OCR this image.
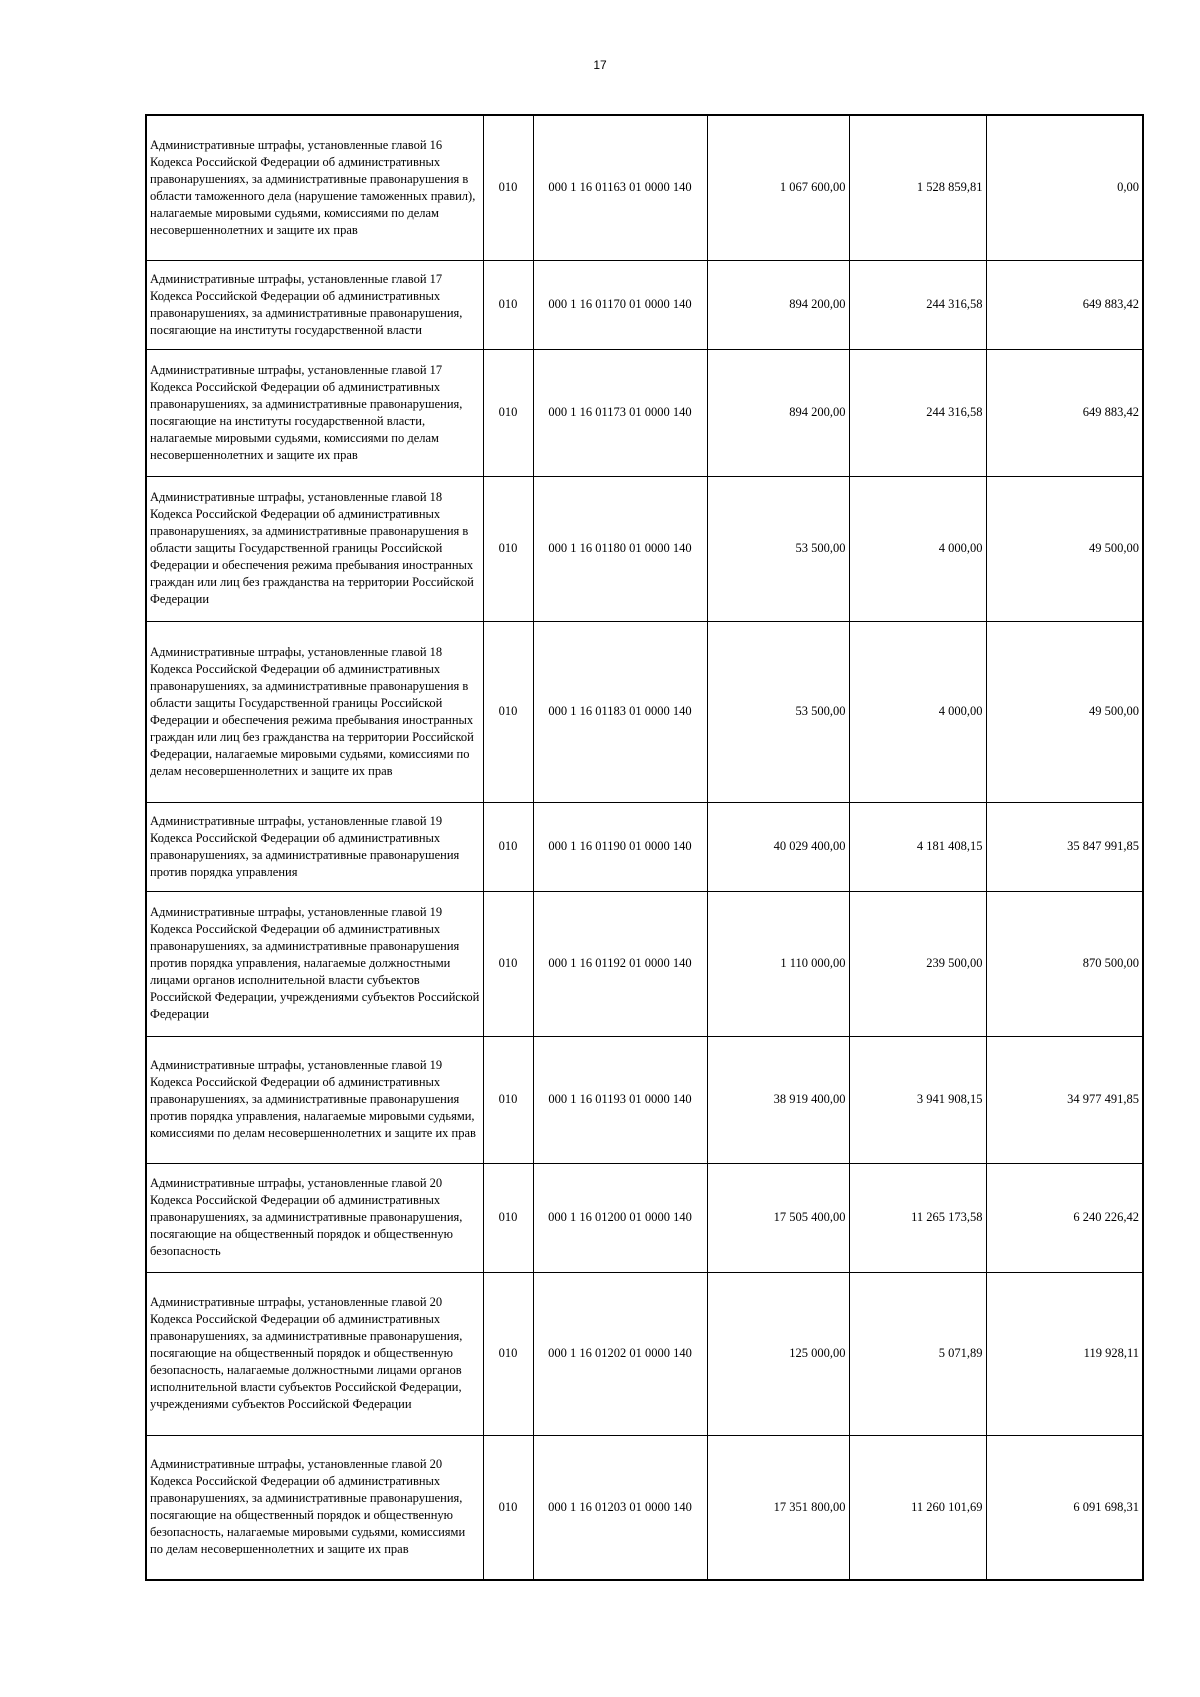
17
Административные штрафы, установленные главой 16 Кодекса Российской Федерации об административных правонарушениях, за административные правонарушения в области таможенного дела (нарушение таможенных правил), налагаемые мировыми судьями, комиссиями по делам несовершеннолетних и защите их прав	010	000 1 16 01163 01 0000 140	1 067 600,00	1 528 859,81	0,00
Административные штрафы, установленные главой 17 Кодекса Российской Федерации об административных правонарушениях, за административные правонарушения, посягающие на институты государственной власти	010	000 1 16 01170 01 0000 140	894 200,00	244 316,58	649 883,42
Административные штрафы, установленные главой 17 Кодекса Российской Федерации об административных правонарушениях, за административные правонарушения, посягающие на институты государственной власти, налагаемые мировыми судьями, комиссиями по делам несовершеннолетних и защите их прав	010	000 1 16 01173 01 0000 140	894 200,00	244 316,58	649 883,42
Административные штрафы, установленные главой 18 Кодекса Российской Федерации об административных правонарушениях, за административные правонарушения в области защиты Государственной границы Российской Федерации и обеспечения режима пребывания иностранных граждан или лиц без гражданства на территории Российской Федерации	010	000 1 16 01180 01 0000 140	53 500,00	4 000,00	49 500,00
Административные штрафы, установленные главой 18 Кодекса Российской Федерации об административных правонарушениях, за административные правонарушения в области защиты Государственной границы Российской Федерации и обеспечения режима пребывания иностранных граждан или лиц без гражданства на территории Российской Федерации, налагаемые мировыми судьями, комиссиями по делам несовершеннолетних и защите их прав	010	000 1 16 01183 01 0000 140	53 500,00	4 000,00	49 500,00
Административные штрафы, установленные главой 19 Кодекса Российской Федерации об административных правонарушениях, за административные правонарушения против порядка управления	010	000 1 16 01190 01 0000 140	40 029 400,00	4 181 408,15	35 847 991,85
Административные штрафы, установленные главой 19 Кодекса Российской Федерации об административных правонарушениях, за административные правонарушения против порядка управления, налагаемые должностными лицами органов исполнительной власти субъектов Российской Федерации, учреждениями субъектов Российской Федерации	010	000 1 16 01192 01 0000 140	1 110 000,00	239 500,00	870 500,00
Административные штрафы, установленные главой 19 Кодекса Российской Федерации об административных правонарушениях, за административные правонарушения против порядка управления, налагаемые мировыми судьями, комиссиями по делам несовершеннолетних и защите их прав	010	000 1 16 01193 01 0000 140	38 919 400,00	3 941 908,15	34 977 491,85
Административные штрафы, установленные главой 20 Кодекса Российской Федерации об административных правонарушениях, за административные правонарушения, посягающие на общественный порядок и общественную безопасность	010	000 1 16 01200 01 0000 140	17 505 400,00	11 265 173,58	6 240 226,42
Административные штрафы, установленные главой 20 Кодекса Российской Федерации об административных правонарушениях, за административные правонарушения, посягающие на общественный порядок и общественную безопасность, налагаемые должностными лицами органов исполнительной власти субъектов Российской Федерации, учреждениями субъектов Российской Федерации	010	000 1 16 01202 01 0000 140	125 000,00	5 071,89	119 928,11
Административные штрафы, установленные главой 20 Кодекса Российской Федерации об административных правонарушениях, за административные правонарушения, посягающие на общественный порядок и общественную безопасность, налагаемые мировыми судьями, комиссиями по делам несовершеннолетних и защите их прав	010	000 1 16 01203 01 0000 140	17 351 800,00	11 260 101,69	6 091 698,31
